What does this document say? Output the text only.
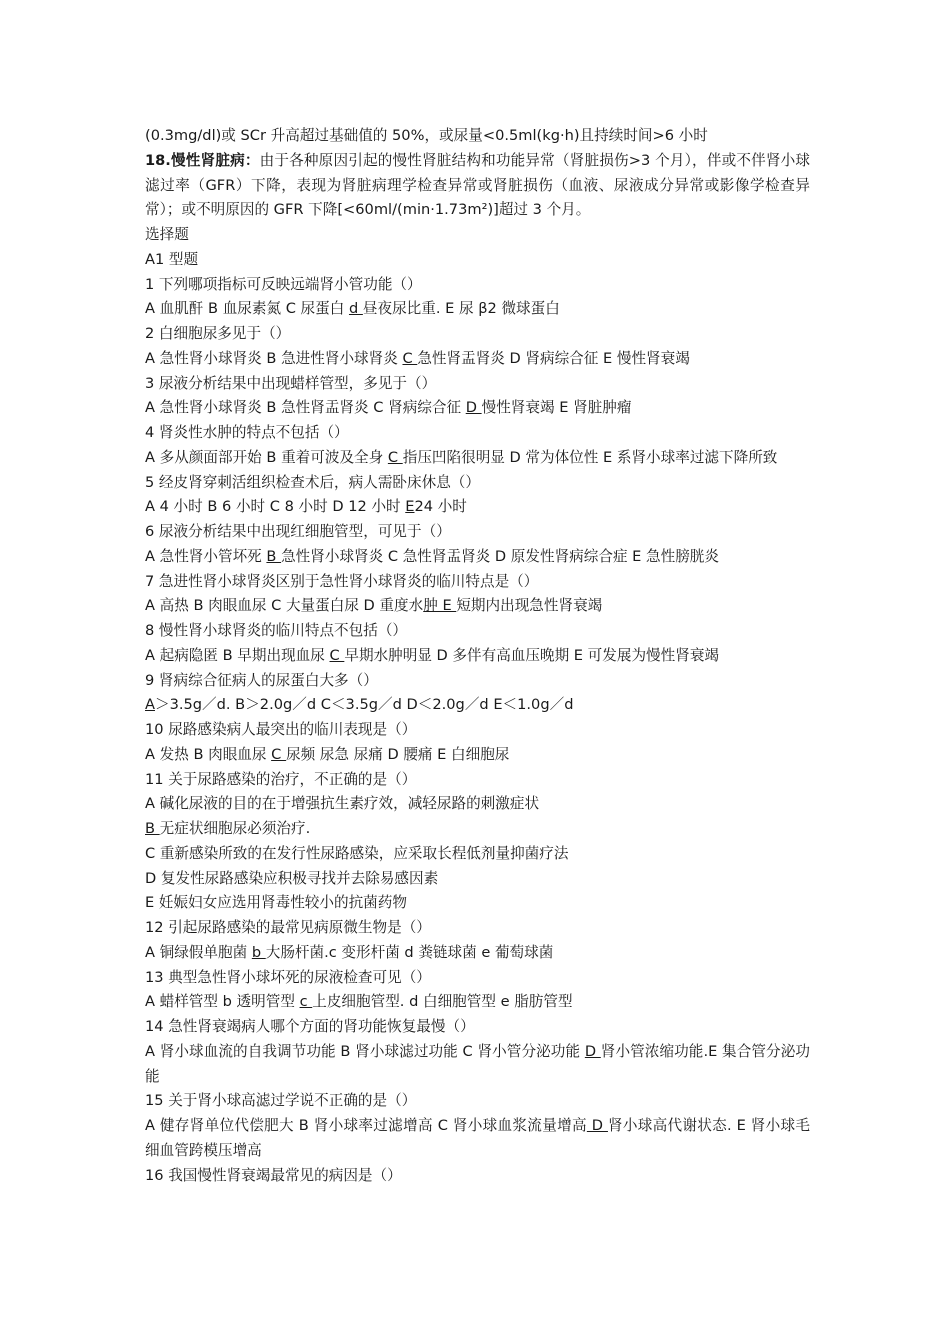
(0.3mg/dl)或 SCr 升高超过基础值的 50%，或尿量<0.5ml(kg·h)且持续时间>6 小时
18.慢性肾脏病：由于各种原因引起的慢性肾脏结构和功能异常（肾脏损伤>3 个月），伴或不伴肾小球滤过率（GFR）下降，表现为肾脏病理学检查异常或肾脏损伤（血液、尿液成分异常或影像学检查异常）；或不明原因的 GFR 下降[<60ml/(min·1.73m²)]超过 3 个月。
选择题
A1 型题
1 下列哪项指标可反映远端肾小管功能（）
A 血肌酐 B 血尿素氮 C 尿蛋白 d 昼夜尿比重. E 尿 β2 微球蛋白
2 白细胞尿多见于（）
A 急性肾小球肾炎 B 急进性肾小球肾炎 C 急性肾盂肾炎 D 肾病综合征 E 慢性肾衰竭
3 尿液分析结果中出现蜡样管型，多见于（）
A 急性肾小球肾炎 B 急性肾盂肾炎 C 肾病综合征 D 慢性肾衰竭 E 肾脏肿瘤
4 肾炎性水肿的特点不包括（）
A 多从颜面部开始 B 重着可波及全身 C 指压凹陷很明显 D 常为体位性 E 系肾小球率过滤下降所致
5 经皮肾穿刺活组织检查术后，病人需卧床休息（）
A 4 小时 B 6 小时 C 8 小时 D 12 小时 E24 小时
6 尿液分析结果中出现红细胞管型，可见于（）
A 急性肾小管坏死 B 急性肾小球肾炎 C 急性肾盂肾炎 D 原发性肾病综合症 E 急性膀胱炎
7 急进性肾小球肾炎区别于急性肾小球肾炎的临川特点是（）
A 高热 B 肉眼血尿 C 大量蛋白尿 D 重度水肿 E 短期内出现急性肾衰竭
8 慢性肾小球肾炎的临川特点不包括（）
A 起病隐匿 B 早期出现血尿 C 早期水肿明显 D 多伴有高血压晚期 E 可发展为慢性肾衰竭
9 肾病综合征病人的尿蛋白大多（）
A＞3.5g／d. B＞2.0g／d C＜3.5g／d D＜2.0g／d E＜1.0g／d
10 尿路感染病人最突出的临川表现是（）
A 发热 B 肉眼血尿 C 尿频 尿急 尿痛 D 腰痛 E 白细胞尿
11 关于尿路感染的治疗，不正确的是（）
A 碱化尿液的目的在于增强抗生素疗效，减轻尿路的刺激症状
B 无症状细胞尿必须治疗.
C 重新感染所致的在发行性尿路感染，应采取长程低剂量抑菌疗法
D 复发性尿路感染应积极寻找并去除易感因素
E 妊娠妇女应选用肾毒性较小的抗菌药物
12 引起尿路感染的最常见病原微生物是（）
A 铜绿假单胞菌 b 大肠杆菌.c 变形杆菌 d 粪链球菌 e 葡萄球菌
13 典型急性肾小球坏死的尿液检查可见（）
A 蜡样管型 b 透明管型 c 上皮细胞管型. d 白细胞管型 e 脂肪管型
14 急性肾衰竭病人哪个方面的肾功能恢复最慢（）
A 肾小球血流的自我调节功能 B 肾小球滤过功能 C 肾小管分泌功能 D 肾小管浓缩功能.E 集合管分泌功能
15 关于肾小球高滤过学说不正确的是（）
A 健存肾单位代偿肥大 B 肾小球率过滤增高 C 肾小球血浆流量增高 D 肾小球高代谢状态. E 肾小球毛细血管跨模压增高
16 我国慢性肾衰竭最常见的病因是（）
